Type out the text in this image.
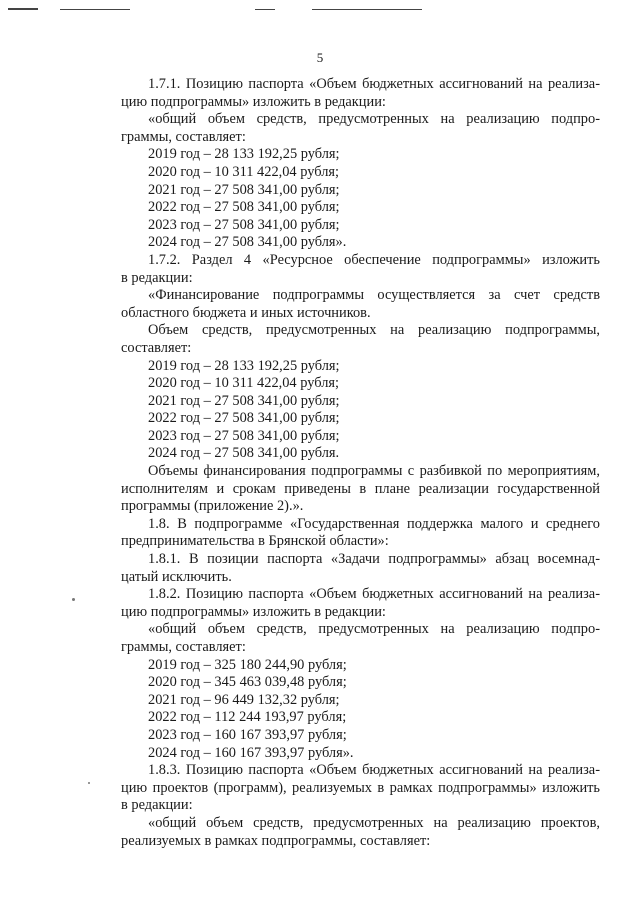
5
1.7.1. Позицию паспорта «Объем бюджетных ассигнований на реализа-
цию подпрограммы» изложить в редакции:
«общий объем средств, предусмотренных на реализацию подпро-
граммы, составляет:
2019 год – 28 133 192,25 рубля;
2020 год – 10 311 422,04 рубля;
2021 год – 27 508 341,00 рубля;
2022 год – 27 508 341,00 рубля;
2023 год – 27 508 341,00 рубля;
2024 год – 27 508 341,00 рубля».
1.7.2. Раздел 4 «Ресурсное обеспечение подпрограммы» изложить
в редакции:
«Финансирование подпрограммы осуществляется за счет средств
областного бюджета и иных источников.
Объем средств, предусмотренных на реализацию подпрограммы,
составляет:
2019 год – 28 133 192,25 рубля;
2020 год – 10 311 422,04 рубля;
2021 год – 27 508 341,00 рубля;
2022 год – 27 508 341,00 рубля;
2023 год – 27 508 341,00 рубля;
2024 год – 27 508 341,00 рубля.
Объемы финансирования подпрограммы с разбивкой по мероприятиям,
исполнителям и срокам приведены в плане реализации государственной
программы (приложение 2).».
1.8. В подпрограмме «Государственная поддержка малого и среднего
предпринимательства в Брянской области»:
1.8.1. В позиции паспорта «Задачи подпрограммы» абзац восемнад-
цатый исключить.
1.8.2. Позицию паспорта «Объем бюджетных ассигнований на реализа-
цию подпрограммы» изложить в редакции:
«общий объем средств, предусмотренных на реализацию подпро-
граммы, составляет:
2019 год – 325 180 244,90 рубля;
2020 год – 345 463 039,48 рубля;
2021 год – 96 449 132,32 рубля;
2022 год – 112 244 193,97 рубля;
2023 год – 160 167 393,97 рубля;
2024 год – 160 167 393,97 рубля».
1.8.3. Позицию паспорта «Объем бюджетных ассигнований на реализа-
цию проектов (программ), реализуемых в рамках подпрограммы» изложить
в редакции:
«общий объем средств, предусмотренных на реализацию проектов,
реализуемых в рамках подпрограммы, составляет:
